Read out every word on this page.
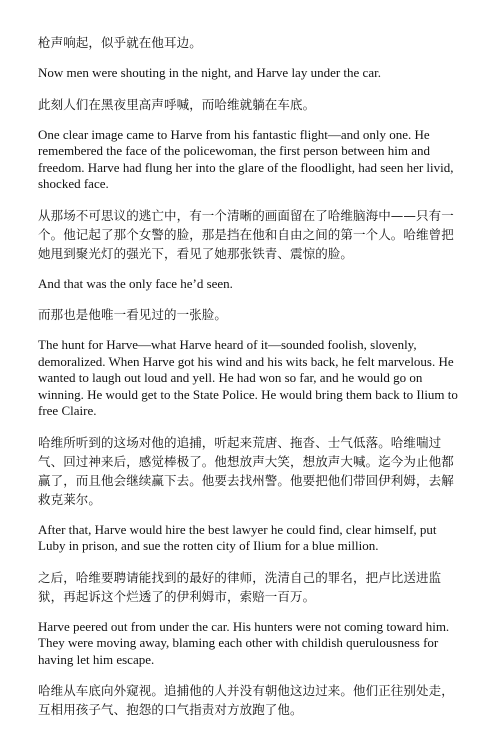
枪声响起，似乎就在他耳边。

Now men were shouting in the night, and Harve lay under the car.

此刻人们在黑夜里高声呼喊，而哈维就躺在车底。

One clear image came to Harve from his fantastic flight—and only one. He remembered the face of the policewoman, the first person between him and freedom. Harve had flung her into the glare of the floodlight, had seen her livid, shocked face.

从那场不可思议的逃亡中，有一个清晰的画面留在了哈维脑海中——只有一个。他记起了那个女警的脸，那是挡在他和自由之间的第一个人。哈维曾把她甩到聚光灯的强光下，看见了她那张铁青、震惊的脸。

And that was the only face he’d seen.

而那也是他唯一看见过的一张脸。

The hunt for Harve—what Harve heard of it—sounded foolish, slovenly, demoralized. When Harve got his wind and his wits back, he felt marvelous. He wanted to laugh out loud and yell. He had won so far, and he would go on winning. He would get to the State Police. He would bring them back to Ilium to free Claire.

哈维所听到的这场对他的追捕，听起来荒唐、拖沓、士气低落。哈维喘过气、回过神来后，感觉棒极了。他想放声大笑，想放声大喊。迄今为止他都赢了，而且他会继续赢下去。他要去找州警。他要把他们带回伊利姆，去解救克莱尔。

After that, Harve would hire the best lawyer he could find, clear himself, put Luby in prison, and sue the rotten city of Ilium for a blue million.

之后，哈维要聘请能找到的最好的律师，洗清自己的罪名，把卢比送进监狱，再起诉这个烂透了的伊利姆市，索赔一百万。

Harve peered out from under the car. His hunters were not coming toward him. They were moving away, blaming each other with childish querulousness for having let him escape.

哈维从车底向外窥视。追捕他的人并没有朝他这边过来。他们正往别处走，互相用孩子气、抱怨的口气指责对方放跑了他。
